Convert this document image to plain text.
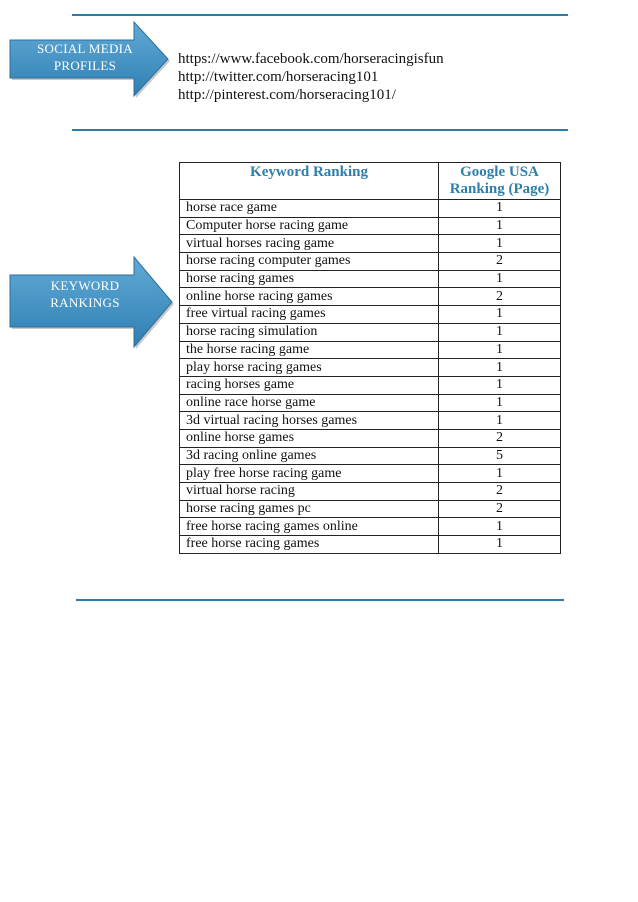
SOCIAL MEDIA
PROFILES	https://www.facebook.com/horseracingisfun
http://twitter.com/horseracing101
http://pinterest.com/horseracing101/
KEYWORD
RANKINGS
Keyword Ranking	Google USA
Ranking (Page)

horse race game	1
Computer horse racing game	1
virtual horses racing game	1
horse racing computer games	2
horse racing games	1
online horse racing games	2
free virtual racing games	1
horse racing simulation	1
the horse racing game	1
play horse racing games	1
racing horses game	1
online race horse game	1
3d virtual racing horses games	1
online horse games	2
3d racing online games	5
play free horse racing game	1
virtual horse racing	2
horse racing games pc	2
free horse racing games online	1
free horse racing games	1
